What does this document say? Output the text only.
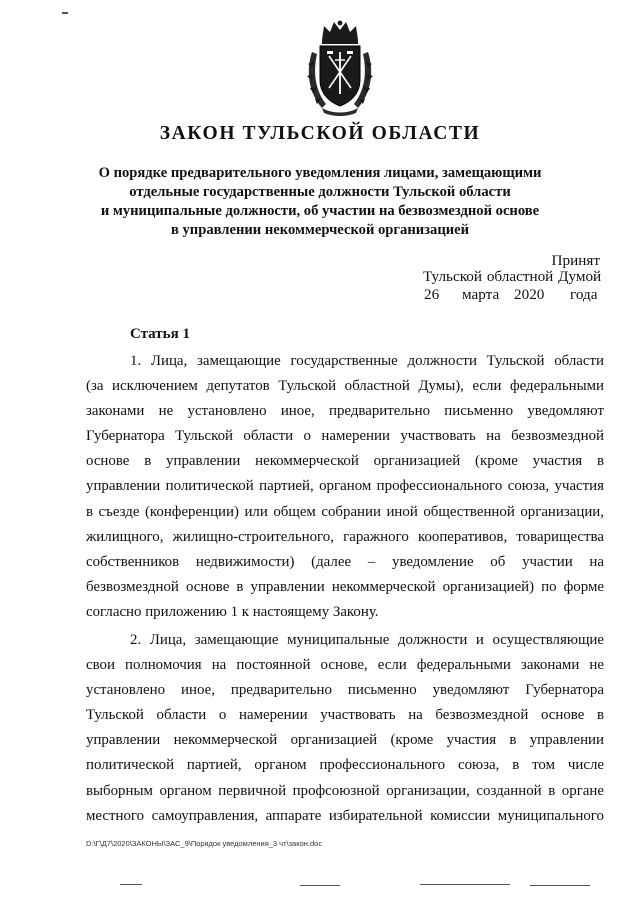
ЗАКОН ТУЛЬСКОЙ ОБЛАСТИ
О порядке предварительного уведомления лицами, замещающими
отдельные государственные должности Тульской области
и муниципальные должности, об участии на безвозмездной основе
в управлении некоммерческой организацией
Принят
Тульской областной Думой
26 марта 2020 года
Статья 1
1. Лица, замещающие государственные должности Тульской области
(за исключением депутатов Тульской областной Думы), если федеральными
законами не установлено иное, предварительно письменно уведомляют
Губернатора Тульской области о намерении участвовать на безвозмездной
основе в управлении некоммерческой организацией (кроме участия в
управлении политической партией, органом профессионального союза, участия
в съезде (конференции) или общем собрании иной общественной организации,
жилищного, жилищно-строительного, гаражного кооперативов, товарищества
собственников недвижимости) (далее – уведомление об участии на
безвозмездной основе в управлении некоммерческой организацией) по форме
согласно приложению 1 к настоящему Закону.
2. Лица, замещающие муниципальные должности и осуществляющие
свои полномочия на постоянной основе, если федеральными законами не
установлено иное, предварительно письменно уведомляют Губернатора
Тульской области о намерении участвовать на безвозмездной основе в
управлении некоммерческой организацией (кроме участия в управлении
политической партией, органом профессионального союза, в том числе
выборным органом первичной профсоюзной организации, созданной в органе
местного самоуправления, аппарате избирательной комиссии муниципального
D:\Г\Д7\2020\ЗАКОНЫ\ЗАС_9\Порядок уведомления_3 чт\закон.doc
